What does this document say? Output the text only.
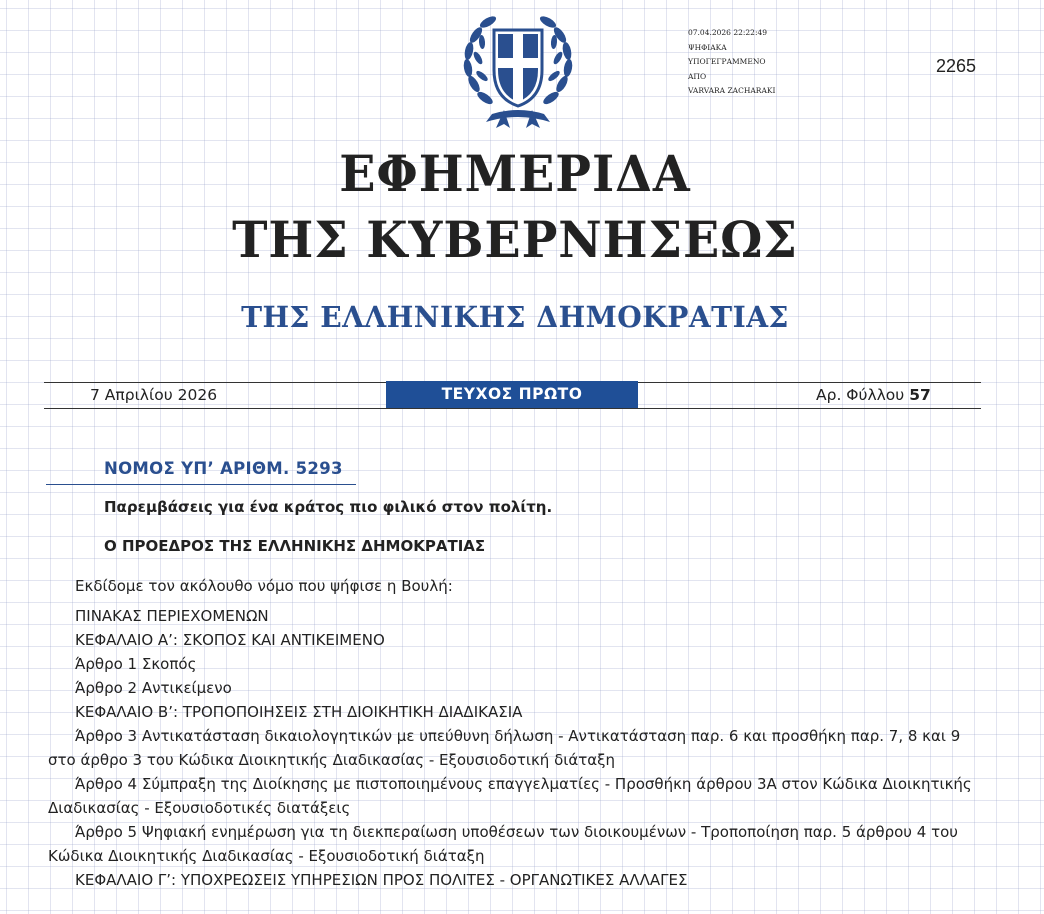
07.04.2026 22:22:49
ΨΗΦΙΑΚΑ
ΥΠΟΓΕΓΡΑΜΜΕΝΟ
ΑΠΟ
VARVARA ZACHARAKI
2265
ΕΦΗΜΕΡΙΔΑ
ΤΗΣ ΚΥΒΕΡΝΗΣΕΩΣ
ΤΗΣ ΕΛΛΗΝΙΚΗΣ ΔΗΜΟΚΡΑΤΙΑΣ
7 Απριλίου 2026	ΤΕΥΧΟΣ ΠΡΩΤΟ	Αρ. Φύλλου 57
ΝΟΜΟΣ ΥΠ’ ΑΡΙΘΜ. 5293
Παρεμβάσεις για ένα κράτος πιο φιλικό στον πολίτη.
Ο ΠΡΟΕΔΡΟΣ ΤΗΣ ΕΛΛΗΝΙΚΗΣ ΔΗΜΟΚΡΑΤΙΑΣ

Εκδίδομε τον ακόλουθο νόμο που ψήφισε η Βουλή:

ΠΙΝΑΚΑΣ ΠΕΡΙΕΧΟΜΕΝΩΝ

ΚΕΦΑΛΑΙΟ Α’: ΣΚΟΠΟΣ ΚΑΙ ΑΝΤΙΚΕΙΜΕΝΟ

Άρθρο 1 Σκοπός

Άρθρο 2 Αντικείμενο

ΚΕΦΑΛΑΙΟ Β’: ΤΡΟΠΟΠΟΙΗΣΕΙΣ ΣΤΗ ΔΙΟΙΚΗΤΙΚΗ ΔΙΑΔΙΚΑΣΙΑ

Άρθρο 3 Αντικατάσταση δικαιολογητικών με υπεύθυνη δήλωση - Αντικατάσταση παρ. 6 και προσθήκη παρ. 7, 8 και 9 στο άρθρο 3 του Κώδικα Διοικητικής Διαδικασίας - Εξουσιοδοτική διάταξη

Άρθρο 4 Σύμπραξη της Διοίκησης με πιστοποιημένους επαγγελματίες - Προσθήκη άρθρου 3Α στον Κώδικα Διοικητικής Διαδικασίας - Εξουσιοδοτικές διατάξεις

Άρθρο 5 Ψηφιακή ενημέρωση για τη διεκπεραίωση υποθέσεων των διοικουμένων - Τροποποίηση παρ. 5 άρθρου 4 του Κώδικα Διοικητικής Διαδικασίας - Εξουσιοδοτική διάταξη

ΚΕΦΑΛΑΙΟ Γ’: ΥΠΟΧΡΕΩΣΕΙΣ ΥΠΗΡΕΣΙΩΝ ΠΡΟΣ ΠΟΛΙΤΕΣ - ΟΡΓΑΝΩΤΙΚΕΣ ΑΛΛΑΓΕΣ
